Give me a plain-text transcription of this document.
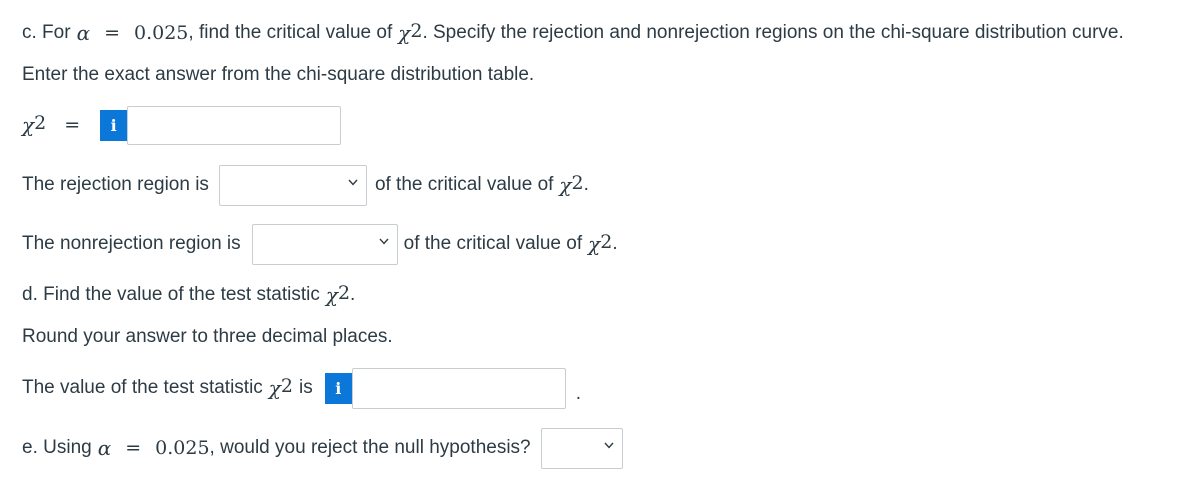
c. For α = 0.025 , find the critical value of $\chi^2$ . Specify the rejection and nonrejection regions on the chi-square distribution curve.
Enter the exact answer from the chi-square distribution table.
$\chi^2 = i$
The rejection region is	of the critical value of $\chi^2$ .
The nonrejection region is	of the critical value of $\chi^2$ .
d. Find the value of the test statistic $\chi^2$ .
Round your answer to three decimal places.
The value of the test statistic $\chi^2$ is i	.
e. Using α = 0.025 , would you reject the null hypothesis?
